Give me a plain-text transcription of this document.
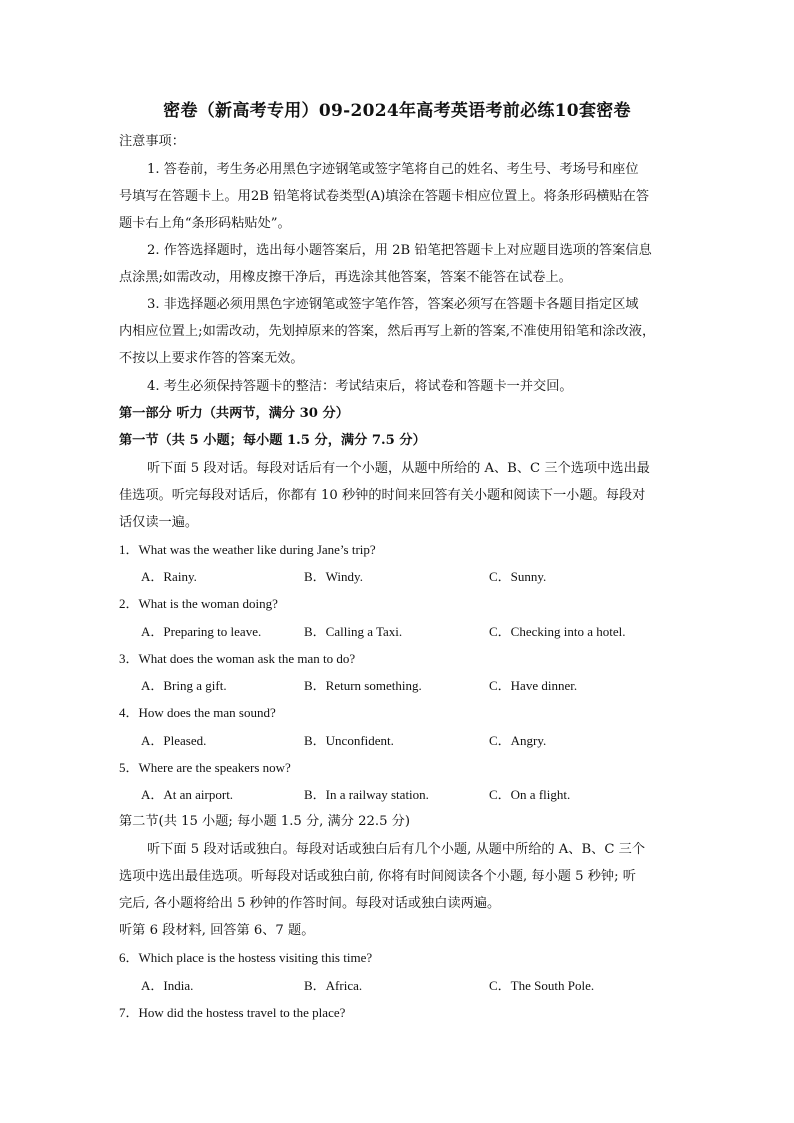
密卷（新高考专用）09-2024年高考英语考前必练10套密卷
注意事项：
1. 答卷前，考生务必用黑色字迹钢笔或签字笔将自己的姓名、考生号、考场号和座位
号填写在答题卡上。用2B 铅笔将试卷类型(A)填涂在答题卡相应位置上。将条形码横贴在答
题卡右上角“条形码粘贴处”。
2. 作答选择题时，选出每小题答案后，用 2B 铅笔把答题卡上对应题目选项的答案信息
点涂黑;如需改动，用橡皮擦干净后，再选涂其他答案，答案不能答在试卷上。
3. 非选择题必须用黑色字迹钢笔或签字笔作答，答案必须写在答题卡各题目指定区域
内相应位置上;如需改动，先划掉原来的答案，然后再写上新的答案,不准使用铅笔和涂改液，
不按以上要求作答的答案无效。
4. 考生必须保持答题卡的整洁：考试结束后，将试卷和答题卡一并交回。
第一部分 听力（共两节，满分 30 分）
第一节（共 5 小题；每小题 1.5 分，满分 7.5 分）
听下面 5 段对话。每段对话后有一个小题，从题中所给的 A、B、C 三个选项中选出最
佳选项。听完每段对话后，你都有 10 秒钟的时间来回答有关小题和阅读下一小题。每段对
话仅读一遍。
1．What was the weather like during Jane’s trip?
A．Rainy.	B．Windy.	C．Sunny.
2．What is the woman doing?
A．Preparing to leave.	B．Calling a Taxi.	C．Checking into a hotel.
3．What does the woman ask the man to do?
A．Bring a gift.	B．Return something.	C．Have dinner.
4．How does the man sound?
A．Pleased.	B．Unconfident.	C．Angry.
5．Where are the speakers now?
A．At an airport.	B．In a railway station.	C．On a flight.
第二节(共 15 小题; 每小题 1.5 分, 满分 22.5 分)
听下面 5 段对话或独白。每段对话或独白后有几个小题, 从题中所给的 A、B、C 三个
选项中选出最佳选项。听每段对话或独白前, 你将有时间阅读各个小题, 每小题 5 秒钟; 听
完后, 各小题将给出 5 秒钟的作答时间。每段对话或独白读两遍。
听第 6 段材料, 回答第 6、7 题。
6．Which place is the hostess visiting this time?
A．India.	B．Africa.	C．The South Pole.
7．How did the hostess travel to the place?
